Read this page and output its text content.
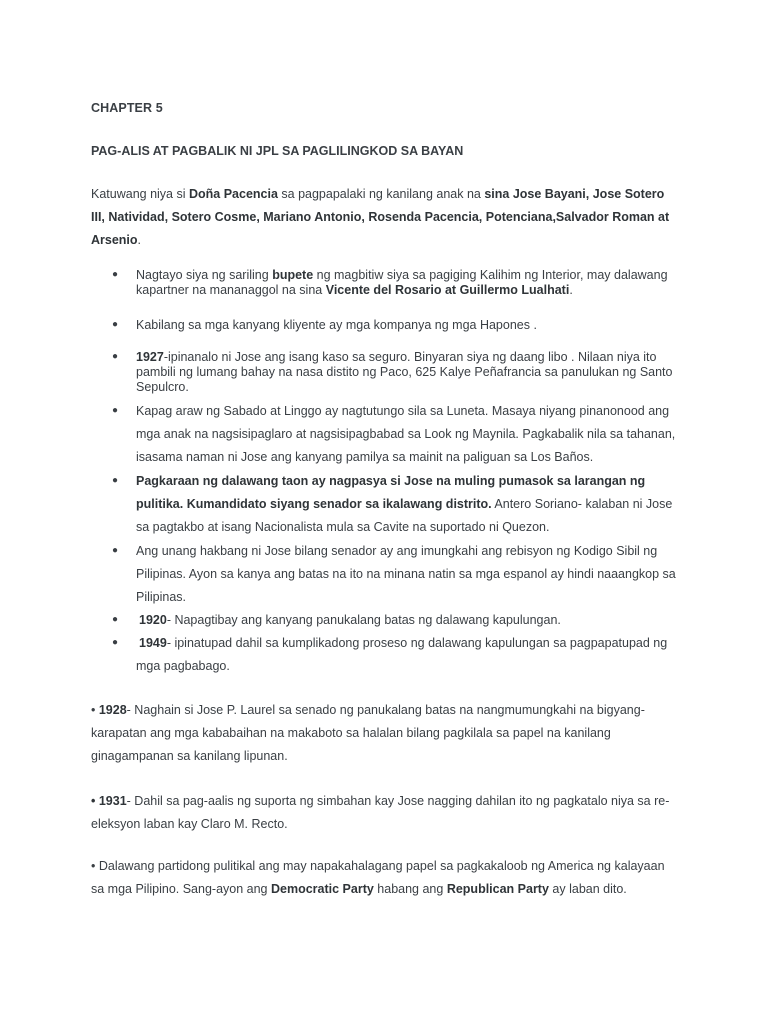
CHAPTER 5
PAG-ALIS AT PAGBALIK NI JPL SA PAGLILINGKOD SA BAYAN
Katuwang niya si Doña Pacencia sa pagpapalaki ng kanilang anak na sina Jose Bayani, Jose Sotero III, Natividad, Sotero Cosme, Mariano Antonio, Rosenda Pacencia, Potenciana,Salvador Roman at Arsenio.
● Nagtayo siya ng sariling bupete ng magbitiw siya sa pagiging Kalihim ng Interior, may dalawang kapartner na mananaggol na sina Vicente del Rosario at Guillermo Lualhati.
● Kabilang sa mga kanyang kliyente ay mga kompanya ng mga Hapones .
● 1927-ipinanalo ni Jose ang isang kaso sa seguro. Binyaran siya ng daang libo . Nilaan niya ito pambili ng lumang bahay na nasa distito ng Paco, 625 Kalye Peñafrancia sa panulukan ng Santo Sepulcro.
● Kapag araw ng Sabado at Linggo ay nagtutungo sila sa Luneta. Masaya niyang pinanonood ang mga anak na nagsisipaglaro at nagsisipagbabad sa Look ng Maynila. Pagkabalik nila sa tahanan, isasama naman ni Jose ang kanyang pamilya sa mainit na paliguan sa Los Baños.
● Pagkaraan ng dalawang taon ay nagpasya si Jose na muling pumasok sa larangan ng pulitika. Kumandidato siyang senador sa ikalawang distrito. Antero Soriano- kalaban ni Jose sa pagtakbo at isang Nacionalista mula sa Cavite na suportado ni Quezon.
● Ang unang hakbang ni Jose bilang senador ay ang imungkahi ang rebisyon ng Kodigo Sibil ng Pilipinas. Ayon sa kanya ang batas na ito na minana natin sa mga espanol ay hindi naaangkop sa Pilipinas.
● 1920- Napagtibay ang kanyang panukalang batas ng dalawang kapulungan.
● 1949- ipinatupad dahil sa kumplikadong proseso ng dalawang kapulungan sa pagpapatupad ng mga pagbabago.
• 1928- Naghain si Jose P. Laurel sa senado ng panukalang batas na nangmumungkahi na bigyang-karapatan ang mga kababaihan na makaboto sa halalan bilang pagkilala sa papel na kanilang ginagampanan sa kanilang lipunan.
• 1931- Dahil sa pag-aalis ng suporta ng simbahan kay Jose nagging dahilan ito ng pagkatalo niya sa re-eleksyon laban kay Claro M. Recto.
• Dalawang partidong pulitikal ang may napakahalagang papel sa pagkakaloob ng America ng kalayaan sa mga Pilipino. Sang-ayon ang Democratic Party habang ang Republican Party ay laban dito.
